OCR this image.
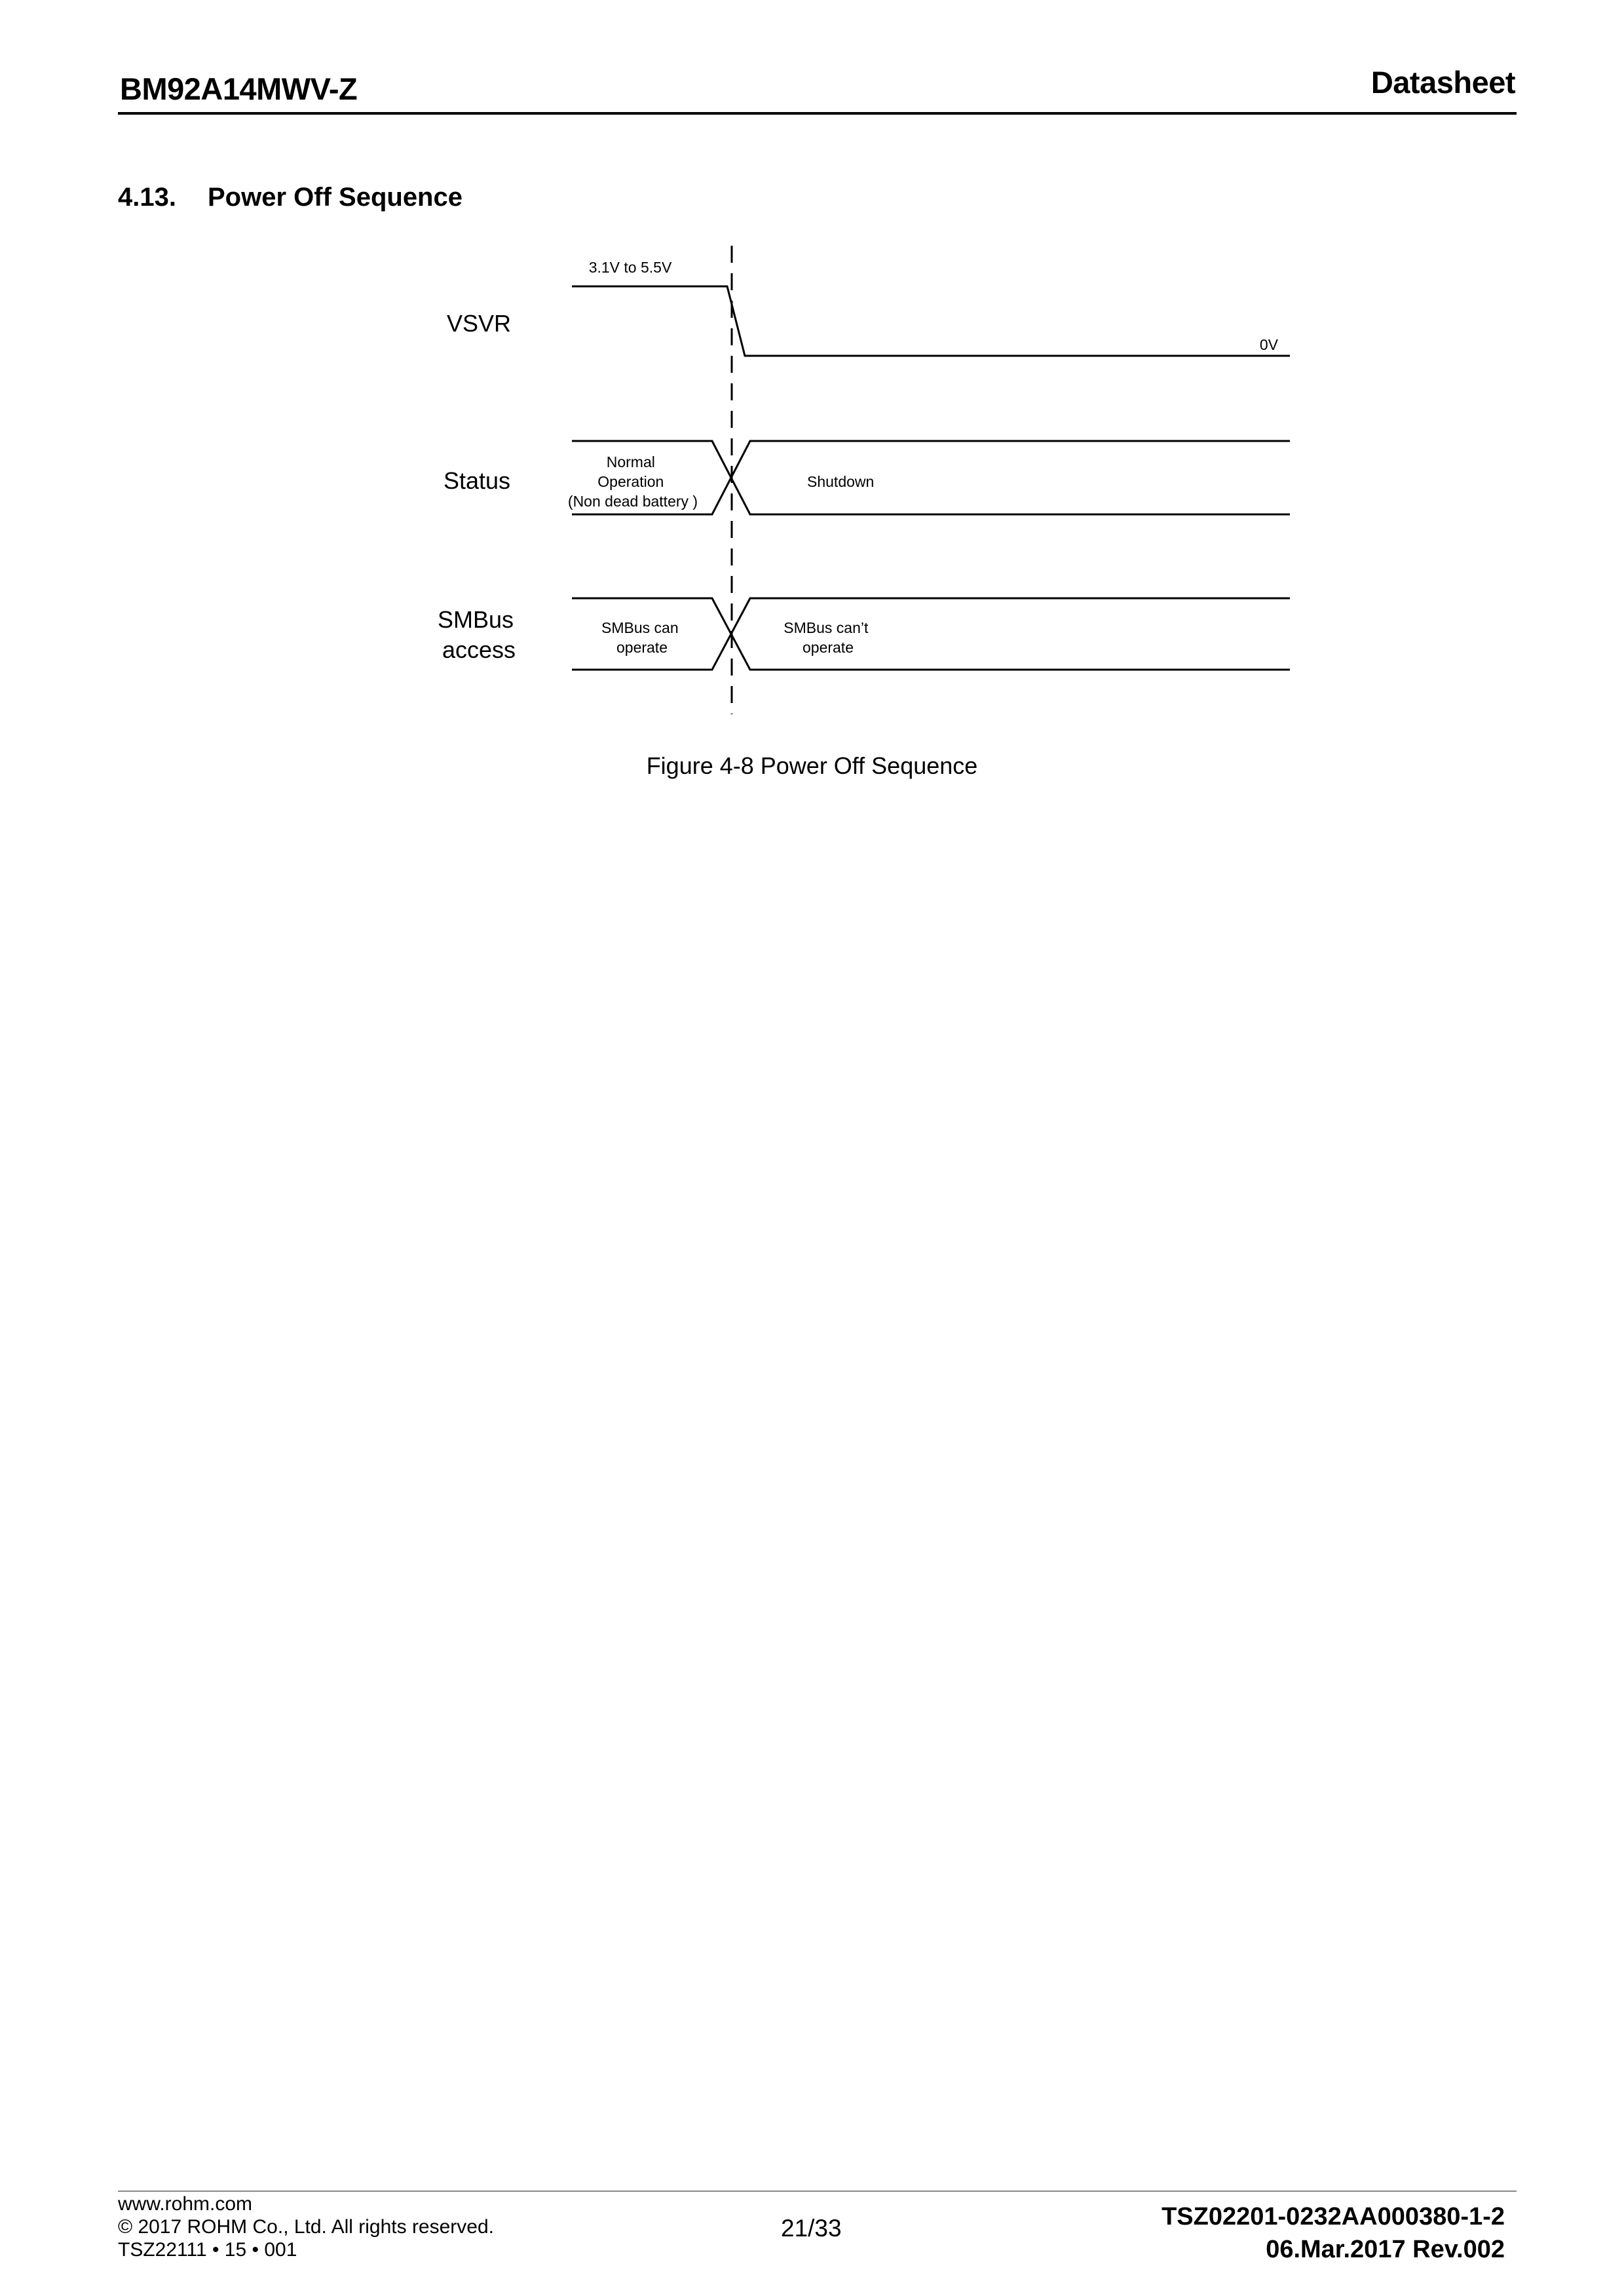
BM92A14MWV-Z	Datasheet
4.13. Power Off Sequence
VSVR
3.1V to 5.5V
0V
Status
Normal Operation (Non dead battery )
Shutdown
SMBus access
SMBus can operate
SMBus can’t operate
Figure 4-8 Power Off Sequence
www.rohm.com
© 2017 ROHM Co., Ltd. All rights reserved.
TSZ22111 • 15 • 001
21/33	TSZ02201-0232AA000380-1-2
06.Mar.2017 Rev.002
